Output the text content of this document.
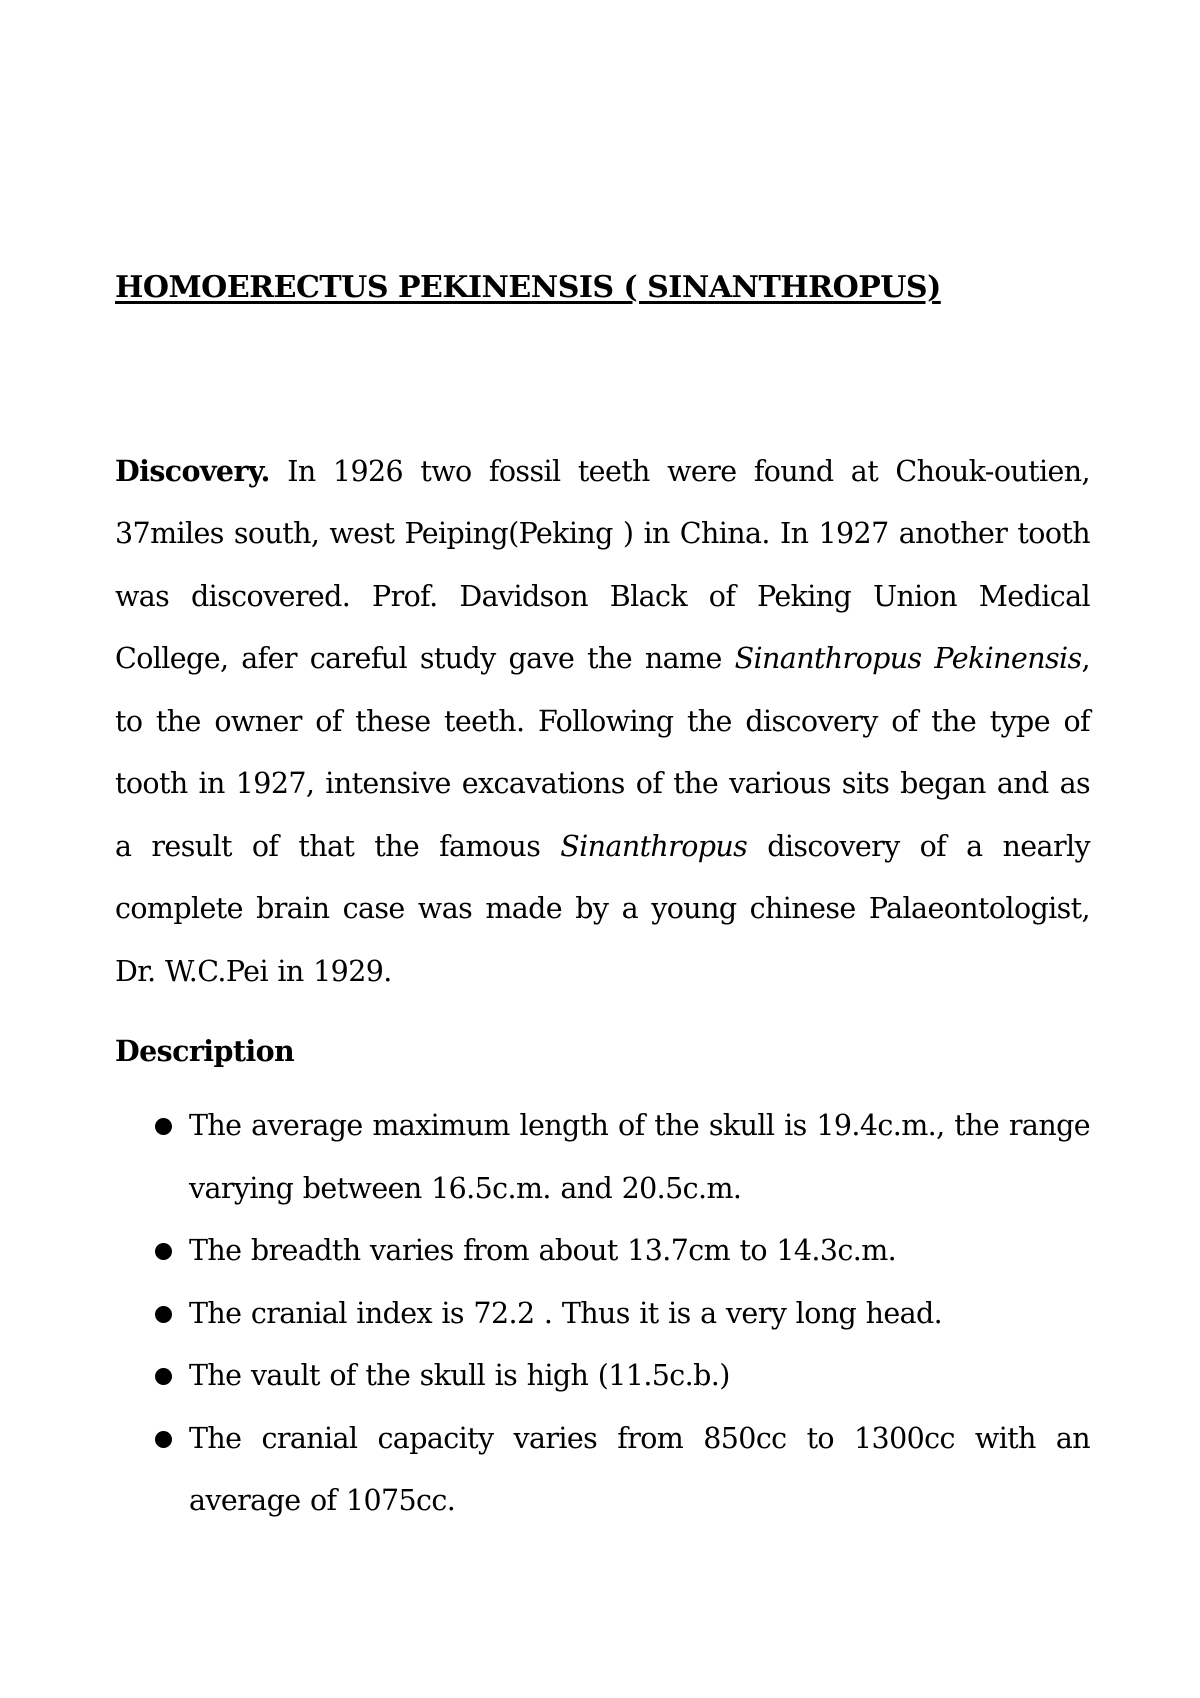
HOMOERECTUS PEKINENSIS ( SINANTHROPUS)

Discovery. In 1926 two fossil teeth were found at Chouk-outien, 37miles south, west Peiping(Peking ) in China. In 1927 another tooth was discovered. Prof. Davidson Black of Peking Union Medical College, afer careful study gave the name Sinanthropus Pekinensis, to the owner of these teeth. Following the discovery of the type of tooth in 1927, intensive excavations of the various sits began and as a result of that the famous Sinanthropus discovery of a nearly complete brain case was made by a young chinese Palaeontologist, Dr. W.C.Pei in 1929.

Description
The average maximum length of the skull is 19.4c.m., the range varying between 16.5c.m. and 20.5c.m.
The breadth varies from about 13.7cm to 14.3c.m.
The cranial index is 72.2 . Thus it is a very long head.
The vault of the skull is high (11.5c.b.)
The cranial capacity varies from 850cc to 1300cc with an average of 1075cc.
